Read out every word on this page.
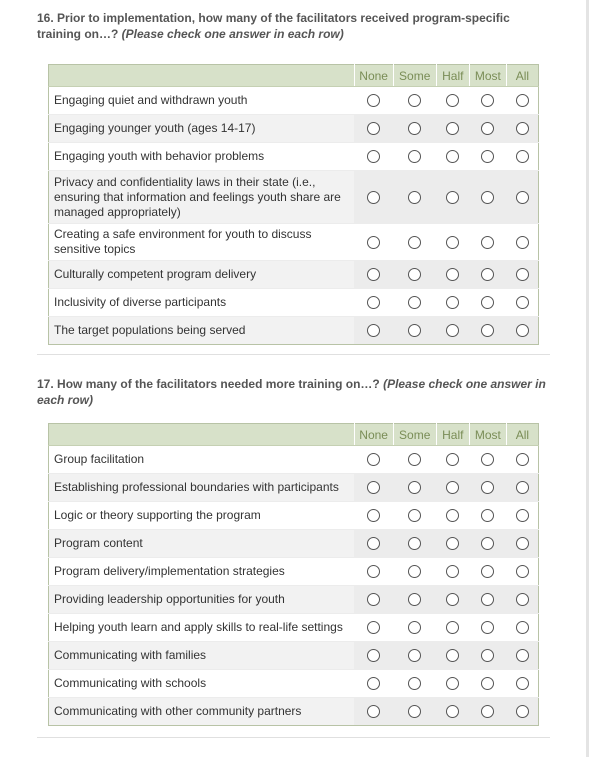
16. Prior to implementation, how many of the facilitators received program-specific training on…? (Please check one answer in each row)
	None	Some	Half	Most	All
Engaging quiet and withdrawn youth					
Engaging younger youth (ages 14-17)					
Engaging youth with behavior problems					
Privacy and confidentiality laws in their state (i.e., ensuring that information and feelings youth share are managed appropriately)					
Creating a safe environment for youth to discuss sensitive topics					
Culturally competent program delivery					
Inclusivity of diverse participants					
The target populations being served					
17. How many of the facilitators needed more training on…? (Please check one answer in each row)
	None	Some	Half	Most	All
Group facilitation					
Establishing professional boundaries with participants					
Logic or theory supporting the program					
Program content					
Program delivery/implementation strategies					
Providing leadership opportunities for youth					
Helping youth learn and apply skills to real-life settings					
Communicating with families					
Communicating with schools					
Communicating with other community partners					
